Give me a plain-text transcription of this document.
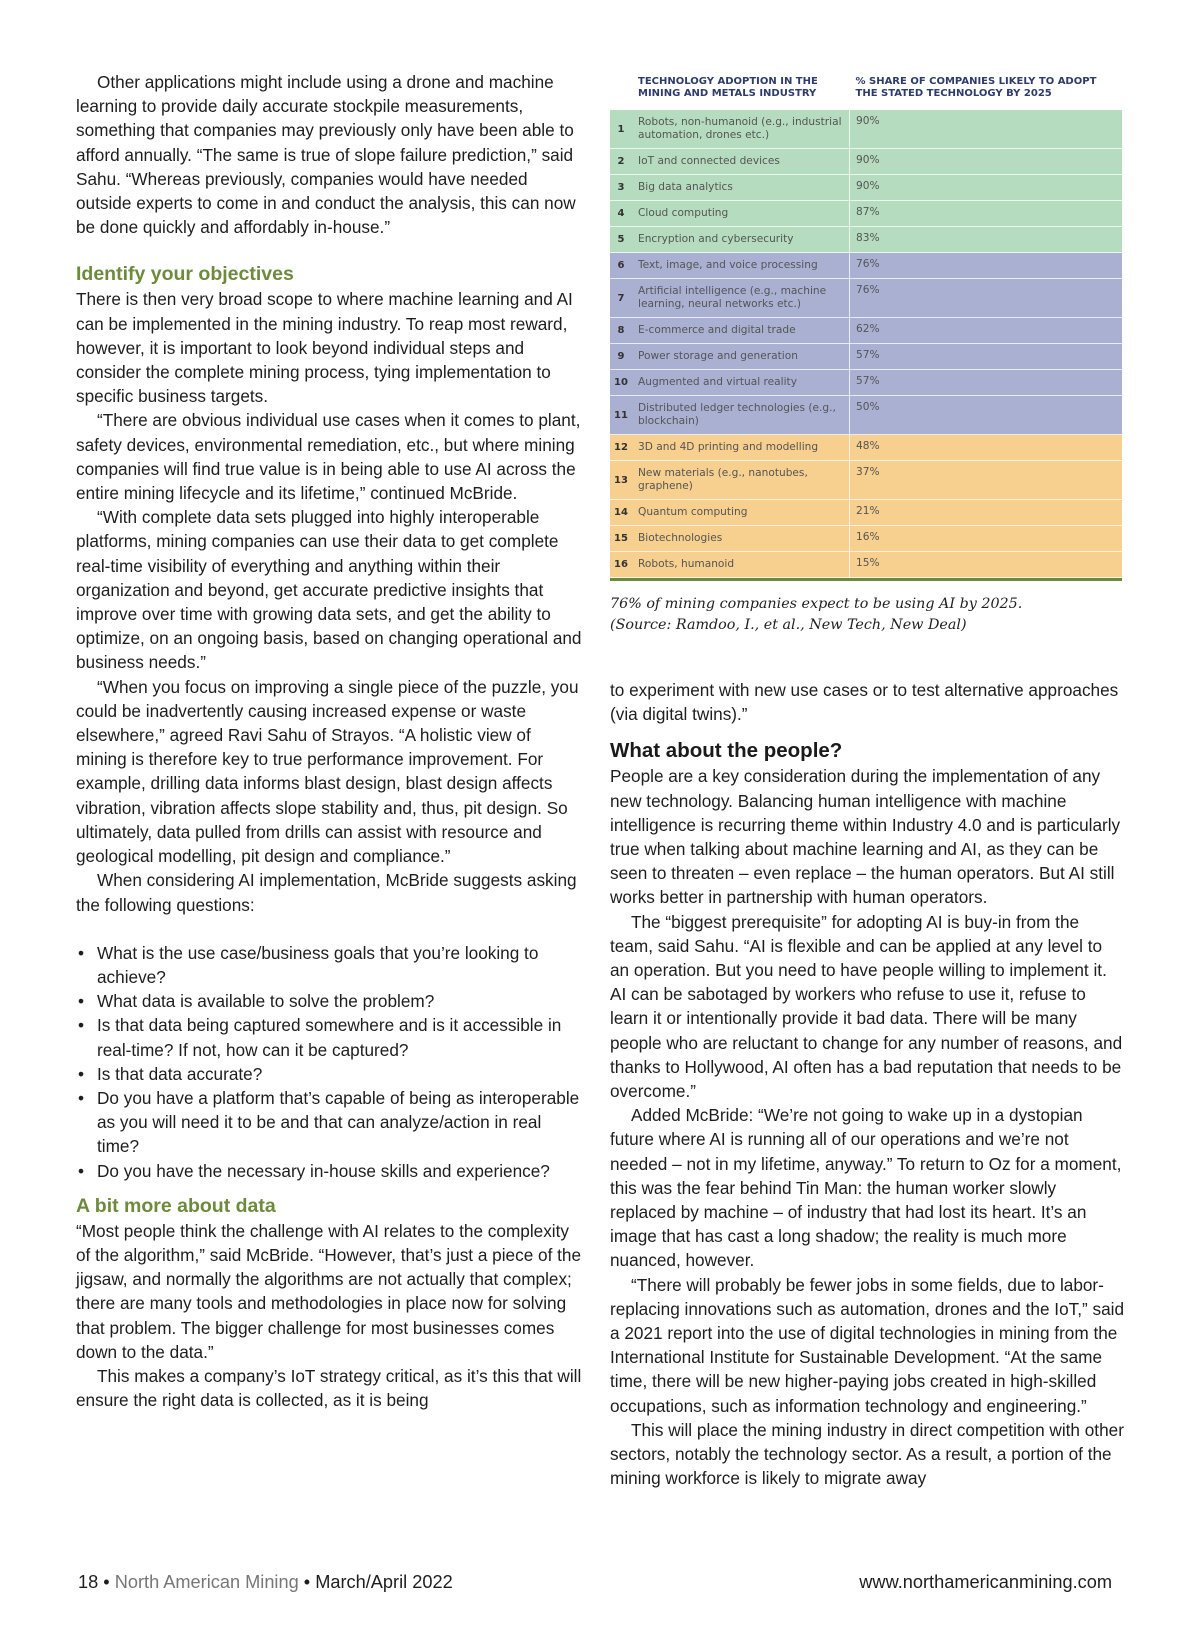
Other applications might include using a drone and machine learning to provide daily accurate stockpile measurements, something that companies may previously only have been able to afford annually. “The same is true of slope failure prediction,” said Sahu. “Whereas previously, companies would have needed outside experts to come in and conduct the analysis, this can now be done quickly and affordably in-house.”

Identify your objectives

There is then very broad scope to where machine learning and AI can be implemented in the mining industry. To reap most reward, however, it is important to look beyond individual steps and consider the complete mining process, tying implementation to specific business targets.

“There are obvious individual use cases when it comes to plant, safety devices, environmental remediation, etc., but where mining companies will find true value is in being able to use AI across the entire mining lifecycle and its lifetime,” continued McBride.

“With complete data sets plugged into highly interoperable platforms, mining companies can use their data to get complete real-time visibility of everything and anything within their organization and beyond, get accurate predictive insights that improve over time with growing data sets, and get the ability to optimize, on an ongoing basis, based on changing operational and business needs.”

“When you focus on improving a single piece of the puzzle, you could be inadvertently causing increased expense or waste elsewhere,” agreed Ravi Sahu of Strayos. “A holistic view of mining is therefore key to true performance improvement. For example, drilling data informs blast design, blast design affects vibration, vibration affects slope stability and, thus, pit design. So ultimately, data pulled from drills can assist with resource and geological modelling, pit design and compliance.”

When considering AI implementation, McBride suggests asking the following questions:

• What is the use case/business goals that you’re looking to achieve?
• What data is available to solve the problem?
• Is that data being captured somewhere and is it accessible in real-time? If not, how can it be captured?
• Is that data accurate?
• Do you have a platform that’s capable of being as interoperable as you will need it to be and that can analyze/action in real time?
• Do you have the necessary in-house skills and experience?
A bit more about data

“Most people think the challenge with AI relates to the complexity of the algorithm,” said McBride. “However, that’s just a piece of the jigsaw, and normally the algorithms are not actually that complex; there are many tools and methodologies in place now for solving that problem. The bigger challenge for most businesses comes down to the data.”

This makes a company’s IoT strategy critical, as it’s this that will ensure the right data is collected, as it is being

	TECHNOLOGY ADOPTION IN THE MINING AND METALS INDUSTRY	% SHARE OF COMPANIES LIKELY TO ADOPT THE STATED TECHNOLOGY BY 2025
1	Robots, non-humanoid (e.g., industrial automation, drones etc.)	90%
2	IoT and connected devices	90%
3	Big data analytics	90%
4	Cloud computing	87%
5	Encryption and cybersecurity	83%
6	Text, image, and voice processing	76%
7	Artificial intelligence (e.g., machine learning, neural networks etc.)	76%
8	E-commerce and digital trade	62%
9	Power storage and generation	57%
10	Augmented and virtual reality	57%
11	Distributed ledger technologies (e.g., blockchain)	50%
12	3D and 4D printing and modelling	48%
13	New materials (e.g., nanotubes, graphene)	37%
14	Quantum computing	21%
15	Biotechnologies	16%
16	Robots, humanoid	15%
76% of mining companies expect to be using AI by 2025.
(Source: Ramdoo, I., et al., New Tech, New Deal)

to experiment with new use cases or to test alternative approaches (via digital twins).”

What about the people?

People are a key consideration during the implementation of any new technology. Balancing human intelligence with machine intelligence is recurring theme within Industry 4.0 and is particularly true when talking about machine learning and AI, as they can be seen to threaten – even replace – the human operators. But AI still works better in partnership with human operators.

The “biggest prerequisite” for adopting AI is buy-in from the team, said Sahu. “AI is flexible and can be applied at any level to an operation. But you need to have people willing to implement it. AI can be sabotaged by workers who refuse to use it, refuse to learn it or intentionally provide it bad data. There will be many people who are reluctant to change for any number of reasons, and thanks to Hollywood, AI often has a bad reputation that needs to be overcome.”

Added McBride: “We’re not going to wake up in a dystopian future where AI is running all of our operations and we’re not needed – not in my lifetime, anyway.” To return to Oz for a moment, this was the fear behind Tin Man: the human worker slowly replaced by machine – of industry that had lost its heart. It’s an image that has cast a long shadow; the reality is much more nuanced, however.

“There will probably be fewer jobs in some fields, due to labor-replacing innovations such as automation, drones and the IoT,” said a 2021 report into the use of digital technologies in mining from the International Institute for Sustainable Development. “At the same time, there will be new higher-paying jobs created in high-skilled occupations, such as information technology and engineering.”

This will place the mining industry in direct competition with other sectors, notably the technology sector. As a result, a portion of the mining workforce is likely to migrate away

18 • North American Mining • March/April 2022	www.northamericanmining.com
